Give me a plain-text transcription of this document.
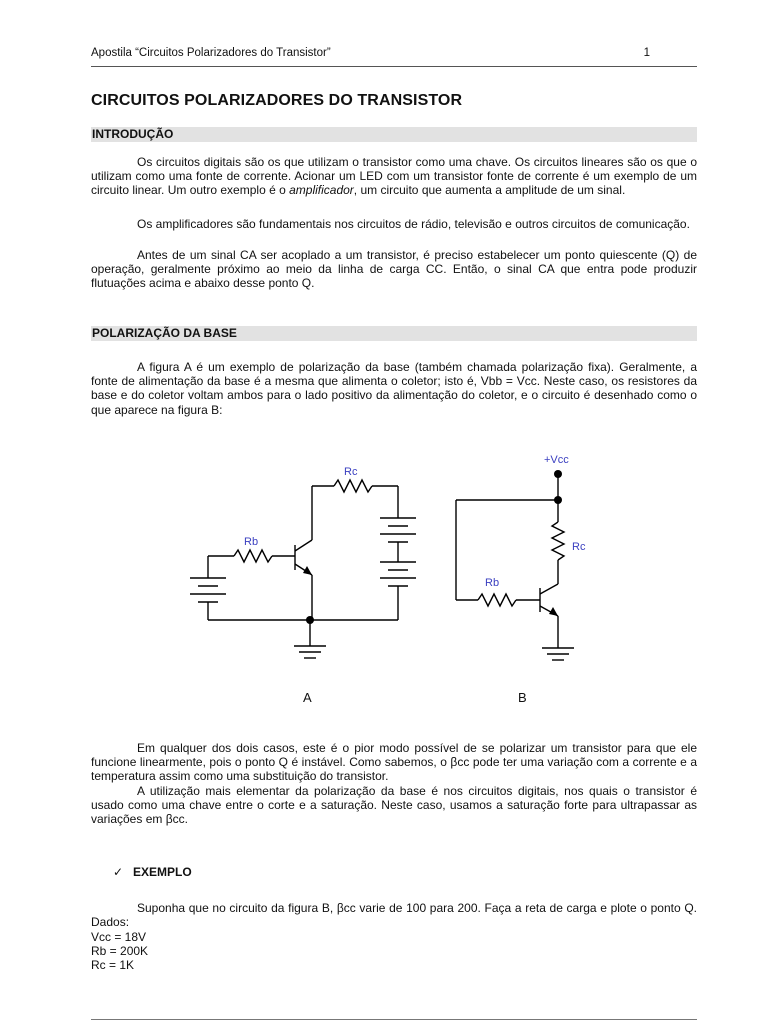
Apostila “Circuitos Polarizadores do Transistor”	1
CIRCUITOS POLARIZADORES DO TRANSISTOR
INTRODUÇÃO

Os circuitos digitais são os que utilizam o transistor como uma chave. Os circuitos lineares são os que o utilizam como uma fonte de corrente. Acionar um LED com um transistor fonte de corrente é um exemplo de um circuito linear. Um outro exemplo é o amplificador, um circuito que aumenta a amplitude de um sinal.

Os amplificadores são fundamentais nos circuitos de rádio, televisão e outros circuitos de comunicação.

Antes de um sinal CA ser acoplado a um transistor, é preciso estabelecer um ponto quiescente (Q) de operação, geralmente próximo ao meio da linha de carga CC. Então, o sinal CA que entra pode produzir flutuações acima e abaixo desse ponto Q.

POLARIZAÇÃO DA BASE

A figura A é um exemplo de polarização da base (também chamada polarização fixa). Geralmente, a fonte de alimentação da base é a mesma que alimenta o coletor; isto é, Vbb = Vcc. Neste caso, os resistores da base e do coletor voltam ambos para o lado positivo da alimentação do coletor, e o circuito é desenhado como o que aparece na figura B:

Rc
Rb
+Vcc
Rc
Rb
A	B

Em qualquer dos dois casos, este é o pior modo possível de se polarizar um transistor para que ele funcione linearmente, pois o ponto Q é instável. Como sabemos, o βcc pode ter uma variação com a corrente e a temperatura assim como uma substituição do transistor.

A utilização mais elementar da polarização da base é nos circuitos digitais, nos quais o transistor é usado como uma chave entre o corte e a saturação. Neste caso, usamos a saturação forte para ultrapassar as variações em βcc.

✓ EXEMPLO

Suponha que no circuito da figura B, βcc varie de 100 para 200. Faça a reta de carga e plote o ponto Q. Dados:

Vcc = 18V
Rb = 200K
Rc = 1K
